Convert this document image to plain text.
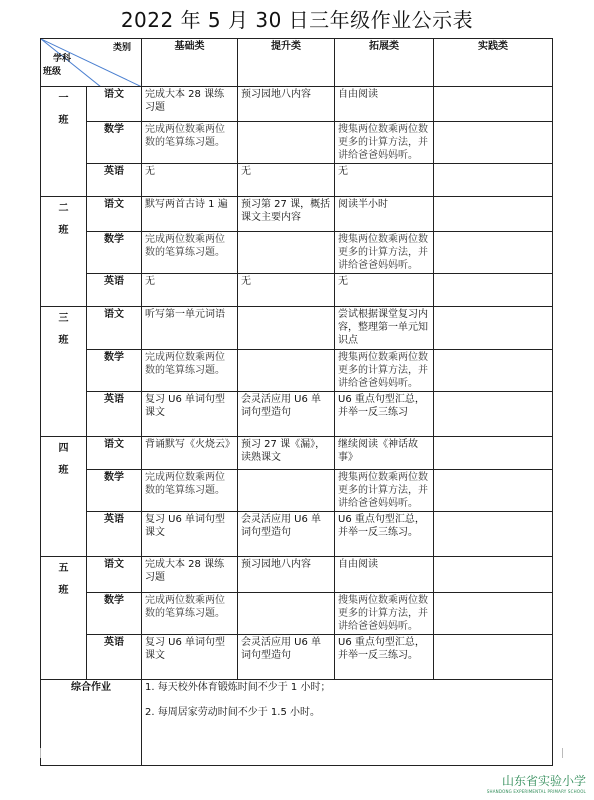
2022 年 5 月 30 日三年级作业公示表
类别
学科
班级		基础类	提升类	拓展类	实践类

一
班	语文	完成大本 28 课练习题	预习园地八内容	自由阅读	
	数学	完成两位数乘两位数的笔算练习题。		搜集两位数乘两位数更多的计算方法，并讲给爸爸妈妈听。	
	英语	无	无	无	

二
班	语文	默写两首古诗 1 遍	预习第 27 课，概括课文主要内容	阅读半小时	
	数学	完成两位数乘两位数的笔算练习题。		搜集两位数乘两位数更多的计算方法，并讲给爸爸妈妈听。	
	英语	无	无	无	

三
班	语文	听写第一单元词语		尝试根据课堂复习内容，整理第一单元知识点	
	数学	完成两位数乘两位数的笔算练习题。		搜集两位数乘两位数更多的计算方法，并讲给爸爸妈妈听。	
	英语	复习 U6 单词句型课文	会灵活应用 U6 单词句型造句	U6 重点句型汇总，并举一反三练习	

四
班	语文	背诵默写《火烧云》	预习 27 课《漏》，读熟课文	继续阅读《神话故事》	
	数学	完成两位数乘两位数的笔算练习题。		搜集两位数乘两位数更多的计算方法，并讲给爸爸妈妈听。	
	英语	复习 U6 单词句型课文	会灵活应用 U6 单词句型造句	U6 重点句型汇总，并举一反三练习。	

五
班	语文	完成大本 28 课练习题	预习园地八内容	自由阅读	
	数学	完成两位数乘两位数的笔算练习题。		搜集两位数乘两位数更多的计算方法，并讲给爸爸妈妈听。	
	英语	复习 U6 单词句型课文	会灵活应用 U6 单词句型造句	U6 重点句型汇总，并举一反三练习。	
综合作业		1. 每天校外体育锻炼时间不少于 1 小时；
2. 每周居家劳动时间不少于 1.5 小时。			
山东省实验小学
SHANDONG EXPERIMENTAL PRIMARY SCHOOL
